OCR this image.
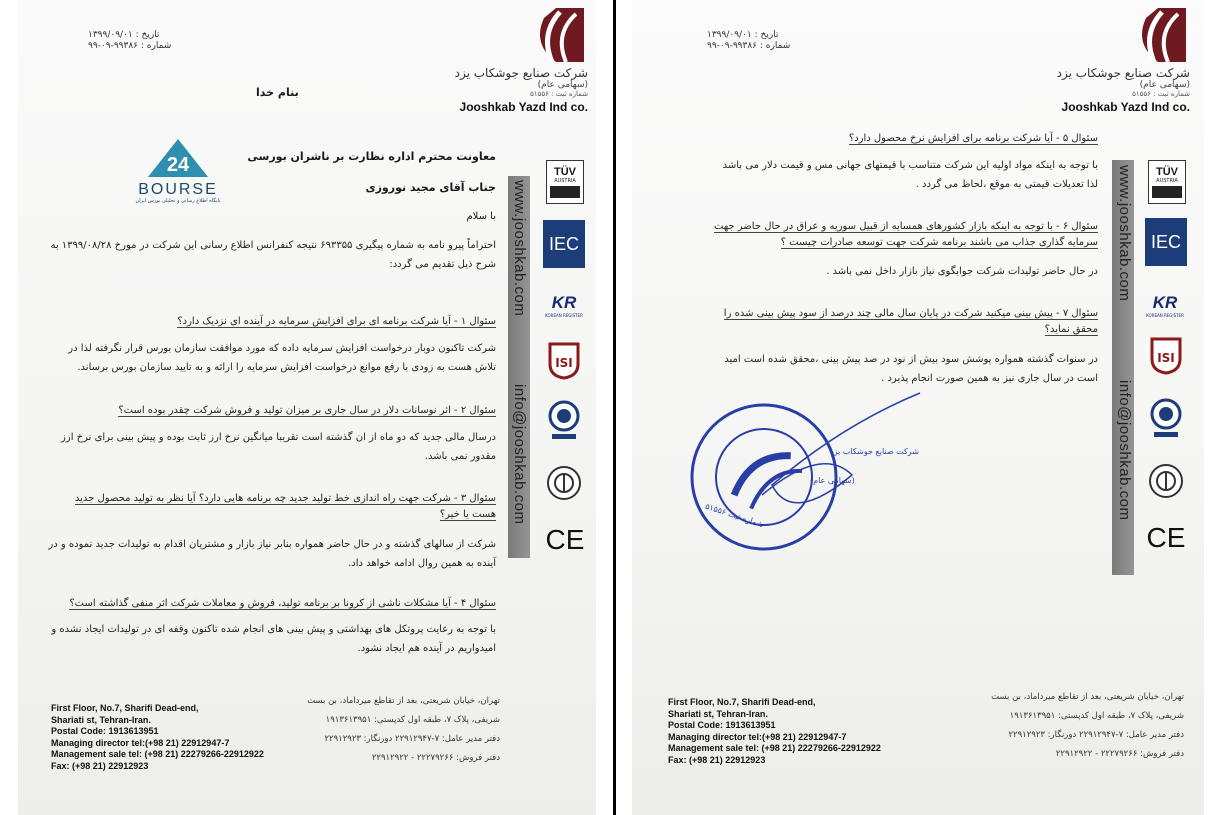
تاریخ : ۱۳۹۹/۰۹/۰۱
شماره : ۹۹۳۸۶-۰۹-۹۹
شرکت صنایع جوشکاب یزد
(سهامی عام)
شماره ثبت : ۵۱۵۵۶
Jooshkab Yazd Ind co.
بنام خدا
معاونت محترم اداره نظارت بر ناشران بورسی
24
BOURSE
پایگاه اطلاع رسانی و تحلیلی بورس ایران
جناب آقای مجید نوروزی
با سلام
احتراماً پیرو نامه به شماره پیگیری ۶۹۳۳۵۵ نتیجه کنفرانس اطلاع رسانی این شرکت در مورخ ۱۳۹۹/۰۸/۲۸ به شرح ذیل تقدیم می گردد:
سئوال ۱ - آیا شرکت برنامه ای برای افزایش سرمایه در آینده ای نزدیک دارد؟
شرکت تاکنون دوبار درخواست افزایش سرمایه داده که مورد موافقت سازمان بورس قرار نگرفته لذا در تلاش هست به زودی با رفع موانع درخواست افزایش سرمایه را ارائه و به تایید سازمان بورس برساند.
سئوال ۲ - اثر نوسانات دلار در سال جاری بر میزان تولید و فروش شرکت چقدر بوده است؟
درسال مالی جدید که دو ماه از ان گذشته است تقریبا میانگین نرخ ارز ثابت بوده و پیش بینی برای نرخ ارز مقدور نمی باشد.
سئوال ۳ - شرکت جهت راه اندازی خط تولید جدید چه برنامه هایی دارد؟ آیا نظر به تولید محصول جدید هست یا خیر؟
شرکت از سالهای گذشته و در حال حاضر همواره بنابر نیاز بازار و مشتریان اقدام به تولیدات جدید نموده و در آینده به همین روال ادامه خواهد داد.
سئوال ۴ - آیا مشکلات ناشی از کرونا بر برنامه تولید، فروش و معاملات شرکت اثر منفی گذاشته است؟
با توجه به رعایت پروتکل های بهداشتی و پیش بینی های انجام شده تاکنون وقفه ای در تولیدات ایجاد نشده و امیدواریم در آینده هم ایجاد نشود.
www.jooshkab.com
info@jooshkab.com
TÜV
AUSTRIA
IEC
KR
KOREAN REGISTER
ISI
CE
First Floor, No.7, Sharifi Dead-end,
Shariati st, Tehran-Iran.
Postal Code: 1913613951
Managing director tel:(+98 21) 22912947-7
Management sale tel: (+98 21) 22279266-22912922
Fax: (+98 21) 22912923
تهران، خیابان شریعتی، بعد از تقاطع میرداماد، بن بست
شریفی، پلاک ۷، طبقه اول کدپستی: ۱۹۱۳۶۱۳۹۵۱
دفتر مدیر عامل: ۷-۲۲۹۱۲۹۴۷ دورنگار: ۲۲۹۱۲۹۲۳
دفتر فروش: ۲۲۲۷۹۲۶۶ - ۲۲۹۱۲۹۲۲
تاریخ : ۱۳۹۹/۰۹/۰۱
شماره : ۹۹۳۸۶-۰۹-۹۹
شرکت صنایع جوشکاب یزد
(سهامی عام)
شماره ثبت : ۵۱۵۵۶
Jooshkab Yazd Ind co.
سئوال ۵ - آیا شرکت برنامه برای افزایش نرخ محصول دارد؟
با توجه به اینکه مواد اولیه این شرکت متناسب با قیمتهای جهانی مس و قیمت دلار می باشد لذا تعدیلات قیمتی به موقع ،لحاظ می گردد .
سئوال ۶ - با توجه به اینکه بازار کشورهای همسایه از قبیل سوریه و عراق در حال حاضر جهت سرمایه گذاری جذاب می باشند برنامه شرکت جهت توسعه صادرات چیست ؟
در حال حاضر تولیدات شرکت جوابگوی نیاز بازار داخل نمی باشد .
سئوال ۷ - پیش بینی میکنید شرکت در پایان سال مالی چند درصد از سود پیش بینی شده را محقق نماید؟
در سنوات گذشته همواره پوشش سود بیش از نود در صد پیش بینی ،محقق شده است امید است در سال جاری نیز به همین صورت انجام پذیرد .
شرکت صنایع جوشکاب یزد
(سهامی عام)
شماره ثبت ۵۱۵۵۶
www.jooshkab.com
info@jooshkab.com
TÜV
AUSTRIA
IEC
KR
KOREAN REGISTER
ISI
CE
First Floor, No.7, Sharifi Dead-end,
Shariati st, Tehran-Iran.
Postal Code: 1913613951
Managing director tel:(+98 21) 22912947-7
Management sale tel: (+98 21) 22279266-22912922
Fax: (+98 21) 22912923
تهران، خیابان شریعتی، بعد از تقاطع میرداماد، بن بست
شریفی، پلاک ۷، طبقه اول کدپستی: ۱۹۱۳۶۱۳۹۵۱
دفتر مدیر عامل: ۷-۲۲۹۱۲۹۴۷ دورنگار: ۲۲۹۱۲۹۲۳
دفتر فروش: ۲۲۲۷۹۲۶۶ - ۲۲۹۱۲۹۲۲
